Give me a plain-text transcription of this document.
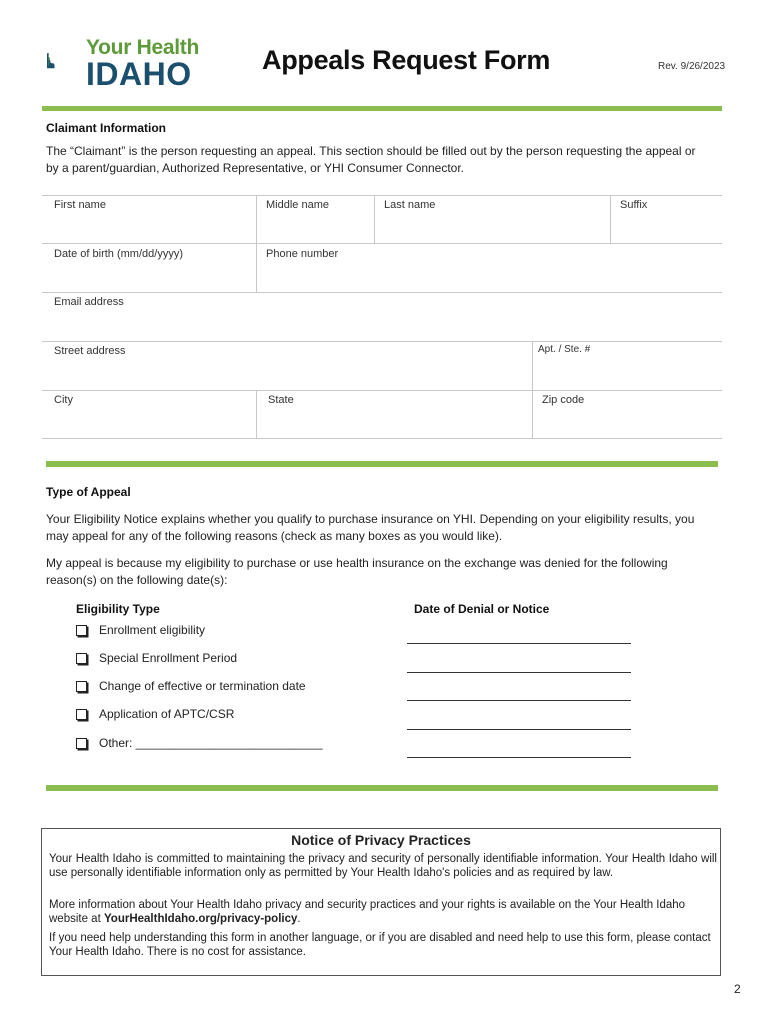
Your Health
IDAHO	Appeals Request Form	Rev. 9/26/2023
Claimant Information
The “Claimant” is the person requesting an appeal. This section should be filled out by the person requesting the appeal or by a parent/guardian, Authorized Representative, or YHI Consumer Connector.
First name	Middle name	Last name	Suffix
Date of birth (mm/dd/yyyy)	Phone number
Email address
Street address	Apt. / Ste. #
City	State	Zip code
Type of Appeal
Your Eligibility Notice explains whether you qualify to purchase insurance on YHI. Depending on your eligibility results, you may appeal for any of the following reasons (check as many boxes as you would like).
My appeal is because my eligibility to purchase or use health insurance on the exchange was denied for the following reason(s) on the following date(s):
Eligibility Type	Date of Denial or Notice
Enrollment eligibility
Special Enrollment Period
Change of effective or termination date
Application of APTC/CSR
Other: ____________________________
Notice of Privacy Practices
Your Health Idaho is committed to maintaining the privacy and security of personally identifiable information. Your Health Idaho will use personally identifiable information only as permitted by Your Health Idaho's policies and as required by law.
More information about Your Health Idaho privacy and security practices and your rights is available on the Your Health Idaho website at YourHealthIdaho.org/privacy-policy.
If you need help understanding this form in another language, or if you are disabled and need help to use this form, please contact Your Health Idaho. There is no cost for assistance.
2
